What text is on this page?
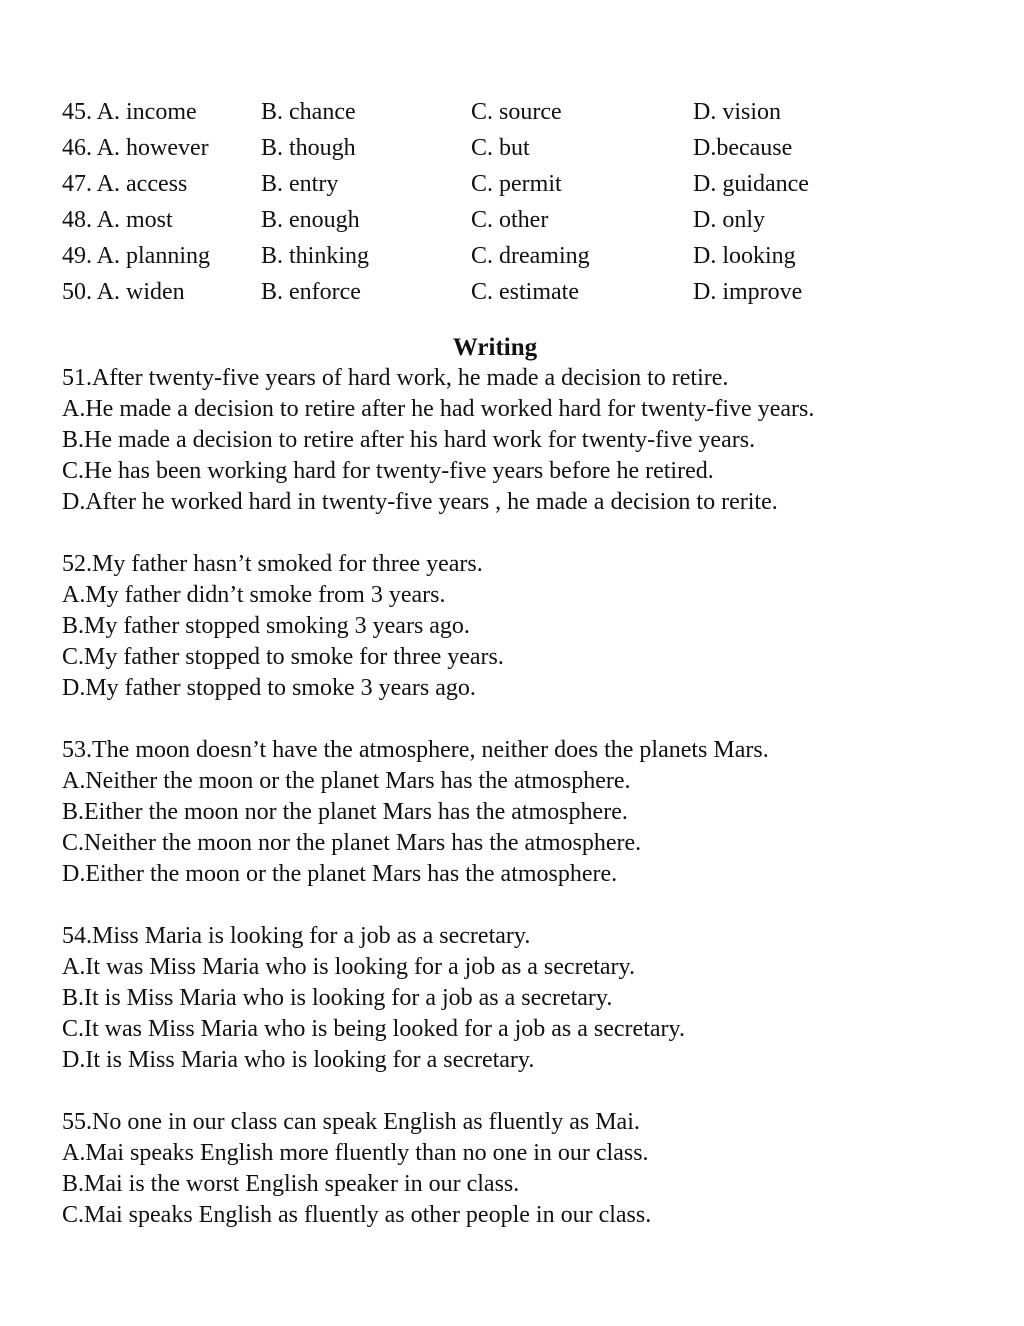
45. A. income	B. chance	C. source	D. vision
46. A. however B. though	C. but	D.because
47. A. access	B. entry	C. permit	D. guidance
48. A. most	B. enough	C. other	D. only
49. A. planning B. thinking	C. dreaming	D. looking
50. A. widen	B. enforce	C. estimate	D. improve
Writing
51.After twenty-five years of hard work, he made a decision to retire.
A.He made a decision to retire after he had worked hard for twenty-five years.
B.He made a decision to retire after his hard work for twenty-five years.
C.He has been working hard for twenty-five years before he retired.
D.After he worked hard in twenty-five years , he made a decision to rerite.
52.My father hasn’t smoked for three years.
A.My father didn’t smoke from 3 years.
B.My father stopped smoking 3 years ago.
C.My father stopped to smoke for three years.
D.My father stopped to smoke 3 years ago.
53.The moon doesn’t have the atmosphere, neither does the planets Mars.
A.Neither the moon or the planet Mars has the atmosphere.
B.Either the moon nor the planet Mars has the atmosphere.
C.Neither the moon nor the planet Mars has the atmosphere.
D.Either the moon or the planet Mars has the atmosphere.
54.Miss Maria is looking for a job as a secretary.
A.It was Miss Maria who is looking for a job as a secretary.
B.It is Miss Maria who is looking for a job as a secretary.
C.It was Miss Maria who is being looked for a job as a secretary.
D.It is Miss Maria who is looking for a secretary.
55.No one in our class can speak English as fluently as Mai.
A.Mai speaks English more fluently than no one in our class.
B.Mai is the worst English speaker in our class.
C.Mai speaks English as fluently as other people in our class.
